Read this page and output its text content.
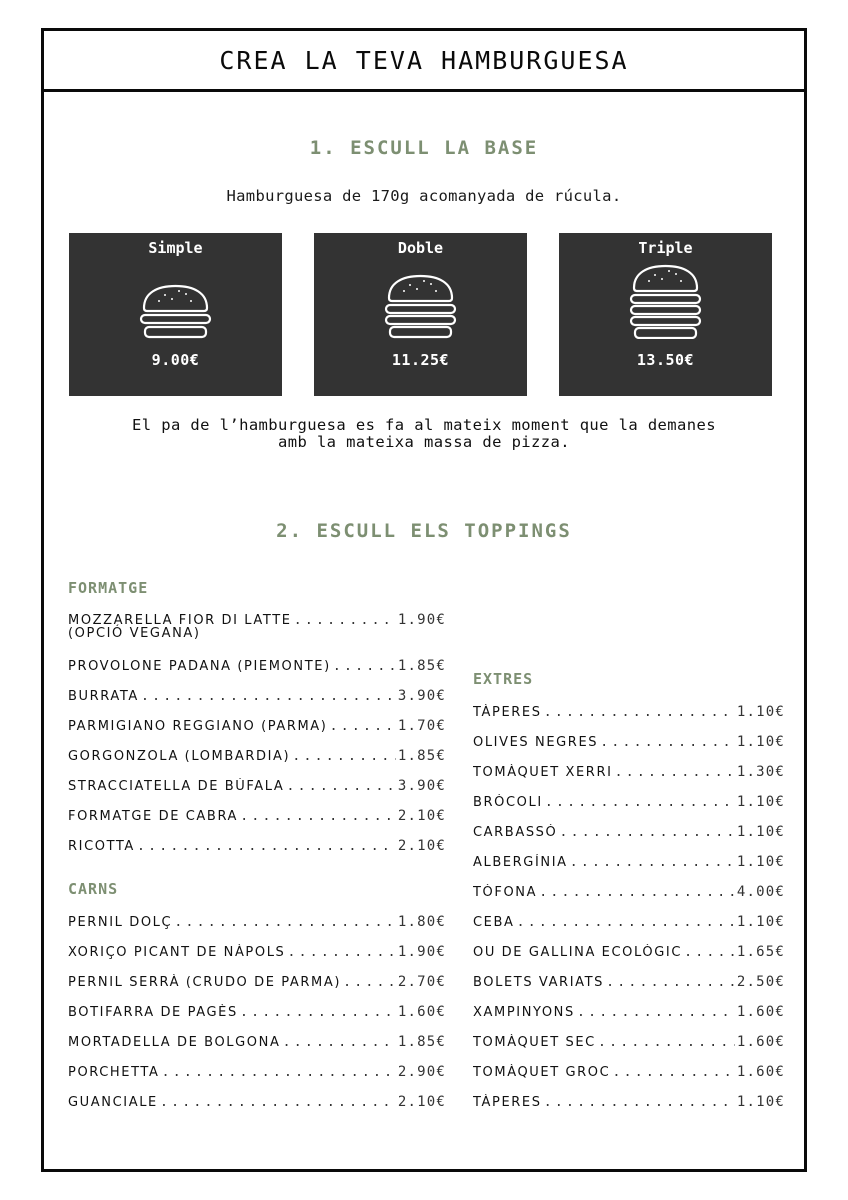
CREA LA TEVA HAMBURGUESA
1. ESCULL LA BASE
Hamburguesa de 170g acomanyada de rúcula.
Simple
9.00€
Doble
11.25€
Triple
13.50€
El pa de l’hamburguesa es fa al mateix moment que la demanes
amb la mateixa massa de pizza.
2. ESCULL ELS TOPPINGS
FORMATGE
MOZZARELLA FIOR DI LATTE .....	1.90€
(OPCIÓ VEGANA)
PROVOLONE PADANA (PIEMONTE) .....	1.85€
BURRATA .....	3.90€
PARMIGIANO REGGIANO (PARMA) .....	1.70€
GORGONZOLA (LOMBARDIA) .....	1.85€
STRACCIATELLA DE BÚFALA .....	3.90€
FORMATGE DE CABRA .....	2.10€
RICOTTA .....	2.10€
CARNS
PERNIL DOLÇ .....	1.80€
XORIÇO PICANT DE NÀPOLS .....	1.90€
PERNIL SERRÀ (CRUDO DE PARMA) .....	2.70€
BOTIFARRA DE PAGÈS .....	1.60€
MORTADELLA DE BOLGONA .....	1.85€
PORCHETTA .....	2.90€
GUANCIALE .....	2.10€
EXTRES
TÀPERES .....	1.10€
OLIVES NEGRES .....	1.10€
TOMÀQUET XERRI .....	1.30€
BRÒCOLI .....	1.10€
CARBASSÓ .....	1.10€
ALBERGÍNIA .....	1.10€
TÒFONA .....	4.00€
CEBA .....	1.10€
OU DE GALLINA ECOLÒGIC .....	1.65€
BOLETS VARIATS .....	2.50€
XAMPINYONS .....	1.60€
TOMÀQUET SEC .....	1.60€
TOMÀQUET GROC .....	1.60€
TÀPERES .....	1.10€
